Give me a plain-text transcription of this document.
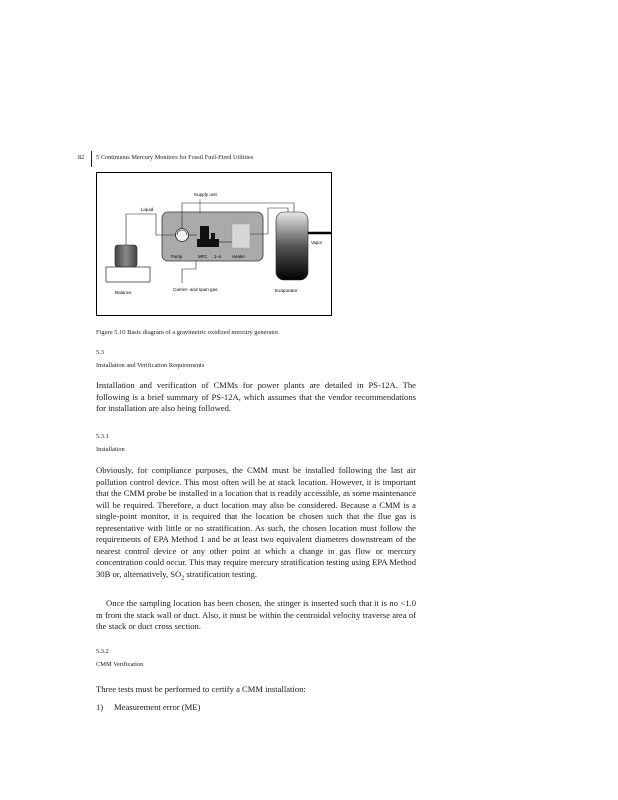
82 5 Continuous Mercury Monitors for Fossil Fuel-Fired Utilities
Supply unit
Pump	MFC 1–4	Heater
Evaporator
Vapor
Liquid
Balance
Carrier- and span gas
Figure 5.10 Basic diagram of a gravimetric oxidized mercury generator.
5.3
Installation and Verification Requirements

Installation and verification of CMMs for power plants are detailed in PS-12A. The following is a brief summary of PS-12A, which assumes that the vendor recommendations for installation are also being followed.

5.3.1
Installation

Obviously, for compliance purposes, the CMM must be installed following the last air pollution control device. This most often will be at stack location. However, it is important that the CMM probe be installed in a location that is readily accessible, as some maintenance will be required. Therefore, a duct location may also be considered. Because a CMM is a single-point monitor, it is required that the location be chosen such that the flue gas is representative with little or no stratification. As such, the chosen location must follow the requirements of EPA Method 1 and be at least two equivalent diameters downstream of the nearest control device or any other point at which a change in gas flow or mercury concentration could occur. This may require mercury stratification testing using EPA Method 30B or, alternatively, $SO_2$ stratification testing.

Once the sampling location has been chosen, the stinger is inserted such that it is no <1.0 m from the stack wall or duct. Also, it must be within the centroidal velocity traverse area of the stack or duct cross section.

5.3.2
CMM Verification

Three tests must be performed to certify a CMM installation:

1) Measurement error (ME)
